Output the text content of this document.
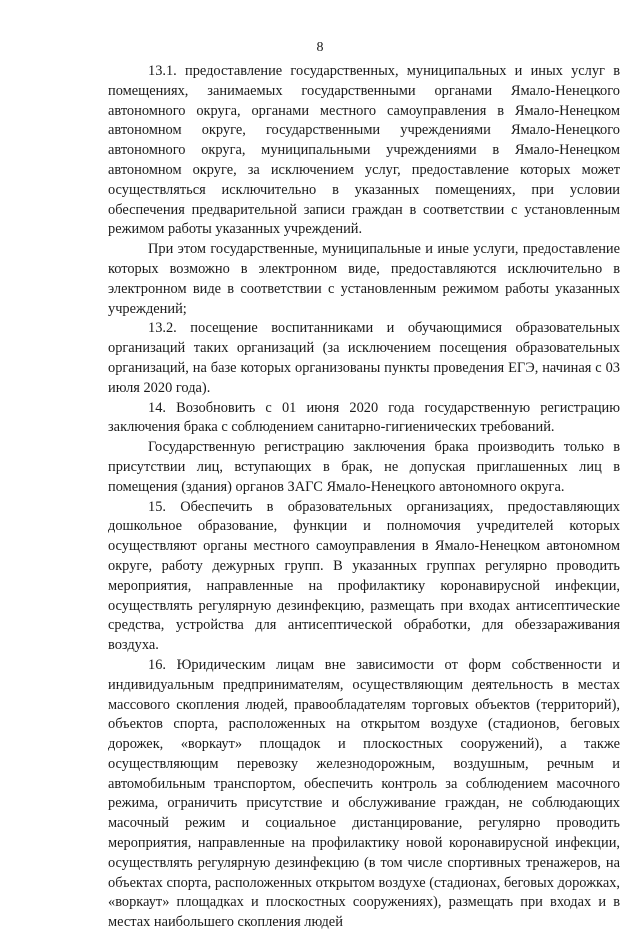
8

13.1. предоставление государственных, муниципальных и иных услуг в помещениях, занимаемых государственными органами Ямало-Ненецкого автономного округа, органами местного самоуправления в Ямало-Ненецком автономном округе, государственными учреждениями Ямало-Ненецкого автономного округа, муниципальными учреждениями в Ямало-Ненецком автономном округе, за исключением услуг, предоставление которых может осуществляться исключительно в указанных помещениях, при условии обеспечения предварительной записи граждан в соответствии с установленным режимом работы указанных учреждений.

При этом государственные, муниципальные и иные услуги, предоставление которых возможно в электронном виде, предоставляются исключительно в электронном виде в соответствии с установленным режимом работы указанных учреждений;

13.2. посещение воспитанниками и обучающимися образовательных организаций таких организаций (за исключением посещения образовательных организаций, на базе которых организованы пункты проведения ЕГЭ, начиная с 03 июля 2020 года).

14. Возобновить с 01 июня 2020 года государственную регистрацию заключения брака с соблюдением санитарно-гигиенических требований.

Государственную регистрацию заключения брака производить только в присутствии лиц, вступающих в брак, не допуская приглашенных лиц в помещения (здания) органов ЗАГС Ямало-Ненецкого автономного округа.

15. Обеспечить в образовательных организациях, предоставляющих дошкольное образование, функции и полномочия учредителей которых осуществляют органы местного самоуправления в Ямало-Ненецком автономном округе, работу дежурных групп. В указанных группах регулярно проводить мероприятия, направленные на профилактику коронавирусной инфекции, осуществлять регулярную дезинфекцию, размещать при входах антисептические средства, устройства для антисептической обработки, для обеззараживания воздуха.

16. Юридическим лицам вне зависимости от форм собственности и индивидуальным предпринимателям, осуществляющим деятельность в местах массового скопления людей, правообладателям торговых объектов (территорий), объектов спорта, расположенных на открытом воздухе (стадионов, беговых дорожек, «воркаут» площадок и плоскостных сооружений), а также осуществляющим перевозку железнодорожным, воздушным, речным и автомобильным транспортом, обеспечить контроль за соблюдением масочного режима, ограничить присутствие и обслуживание граждан, не соблюдающих масочный режим и социальное дистанцирование, регулярно проводить мероприятия, направленные на профилактику новой коронавирусной инфекции, осуществлять регулярную дезинфекцию (в том числе спортивных тренажеров, на объектах спорта, расположенных открытом воздухе (стадионах, беговых дорожках, «воркаут» площадках и плоскостных сооружениях), размещать при входах и в местах наибольшего скопления людей
